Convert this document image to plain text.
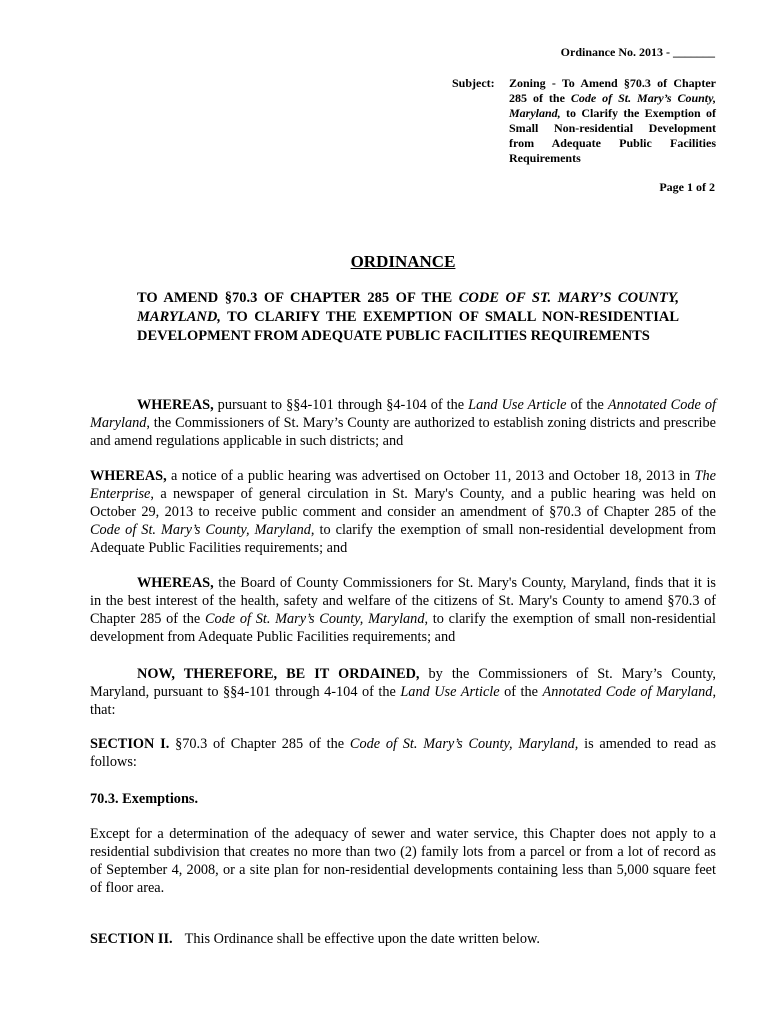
Ordinance No. 2013 - _______
Subject: Zoning - To Amend §70.3 of Chapter 285 of the Code of St. Mary’s County, Maryland, to Clarify the Exemption of Small Non-residential Development from Adequate Public Facilities Requirements
Page 1 of 2
ORDINANCE
TO AMEND §70.3 OF CHAPTER 285 OF THE CODE OF ST. MARY’S COUNTY, MARYLAND, TO CLARIFY THE EXEMPTION OF SMALL NON-RESIDENTIAL DEVELOPMENT FROM ADEQUATE PUBLIC FACILITIES REQUIREMENTS
WHEREAS, pursuant to §§4-101 through §4-104 of the Land Use Article of the Annotated Code of Maryland, the Commissioners of St. Mary’s County are authorized to establish zoning districts and prescribe and amend regulations applicable in such districts; and
WHEREAS, a notice of a public hearing was advertised on October 11, 2013 and October 18, 2013 in The Enterprise, a newspaper of general circulation in St. Mary's County, and a public hearing was held on October 29, 2013 to receive public comment and consider an amendment of §70.3 of Chapter 285 of the Code of St. Mary’s County, Maryland, to clarify the exemption of small non-residential development from Adequate Public Facilities requirements; and
WHEREAS, the Board of County Commissioners for St. Mary's County, Maryland, finds that it is in the best interest of the health, safety and welfare of the citizens of St. Mary's County to amend §70.3 of Chapter 285 of the Code of St. Mary’s County, Maryland, to clarify the exemption of small non-residential development from Adequate Public Facilities requirements; and
NOW, THEREFORE, BE IT ORDAINED, by the Commissioners of St. Mary’s County, Maryland, pursuant to §§4-101 through 4-104 of the Land Use Article of the Annotated Code of Maryland, that:
SECTION I. §70.3 of Chapter 285 of the Code of St. Mary’s County, Maryland, is amended to read as follows:
70.3. Exemptions.
Except for a determination of the adequacy of sewer and water service, this Chapter does not apply to a residential subdivision that creates no more than two (2) family lots from a parcel or from a lot of record as of September 4, 2008, or a site plan for non-residential developments containing less than 5,000 square feet of floor area.
SECTION II. This Ordinance shall be effective upon the date written below.
